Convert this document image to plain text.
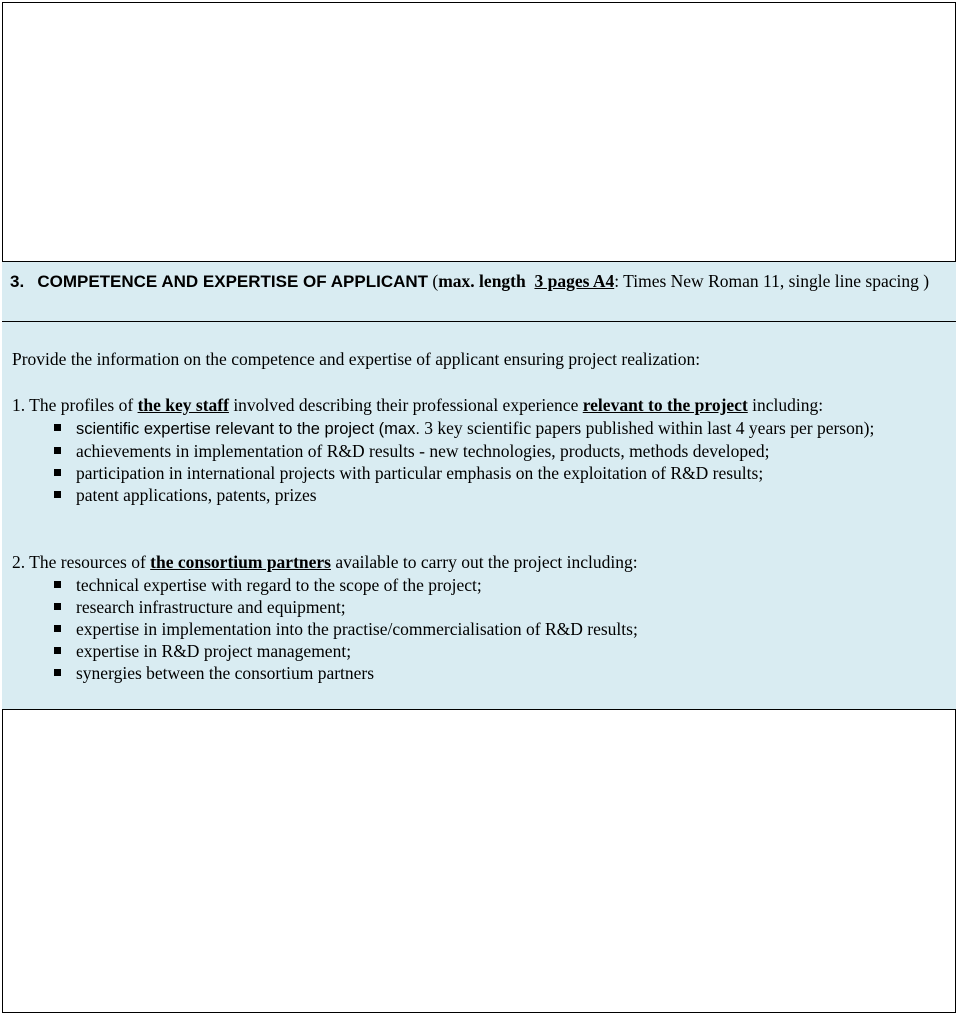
3. COMPETENCE AND EXPERTISE OF APPLICANT (max. length 3 pages A4: Times New Roman 11, single line spacing )
Provide the information on the competence and expertise of applicant ensuring project realization:
1. The profiles of the key staff involved describing their professional experience relevant to the project including:
scientific expertise relevant to the project (max. 3 key scientific papers published within last 4 years per person);
achievements in implementation of R&D results - new technologies, products, methods developed;
participation in international projects with particular emphasis on the exploitation of R&D results;
patent applications, patents, prizes
2. The resources of the consortium partners available to carry out the project including:
technical expertise with regard to the scope of the project;
research infrastructure and equipment;
expertise in implementation into the practise/commercialisation of R&D results;
expertise in R&D project management;
synergies between the consortium partners
